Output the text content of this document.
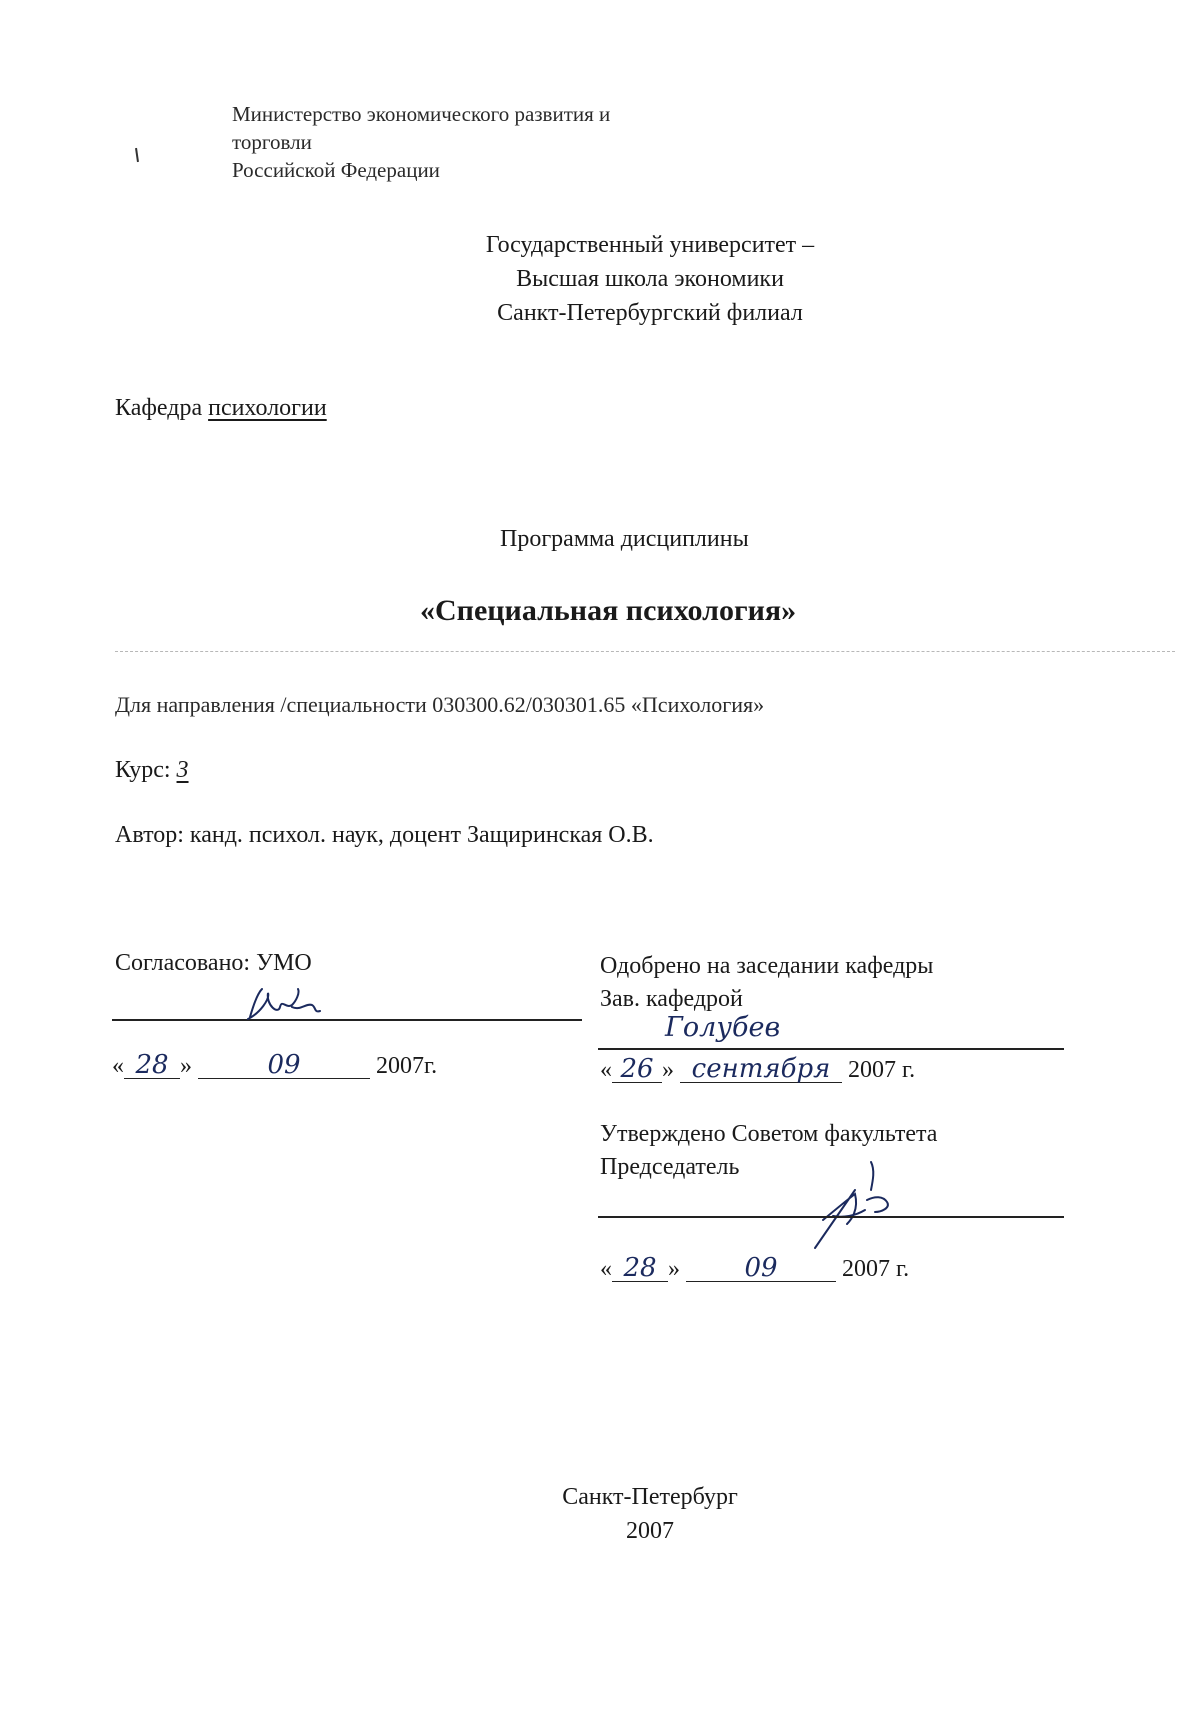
Министерство экономического развития и
торговли
Российской Федерации
Государственный университет –
Высшая школа экономики
Санкт-Петербургский филиал
Кафедра психологии
Программа дисциплины
«Специальная психология»
Для направления /специальности 030300.62/030301.65 «Психология»
Курс: 3
Автор: канд. психол. наук, доцент Защиринская О.В.
Согласовано: УМО
« 28 »	09	2007г.
Одобрено на заседании кафедры
Зав. кафедрой
Голубев
« 26 » сентября 2007 г.
Утверждено Советом факультета
Председатель
« 28 » 09	2007 г.
Санкт-Петербург
2007
